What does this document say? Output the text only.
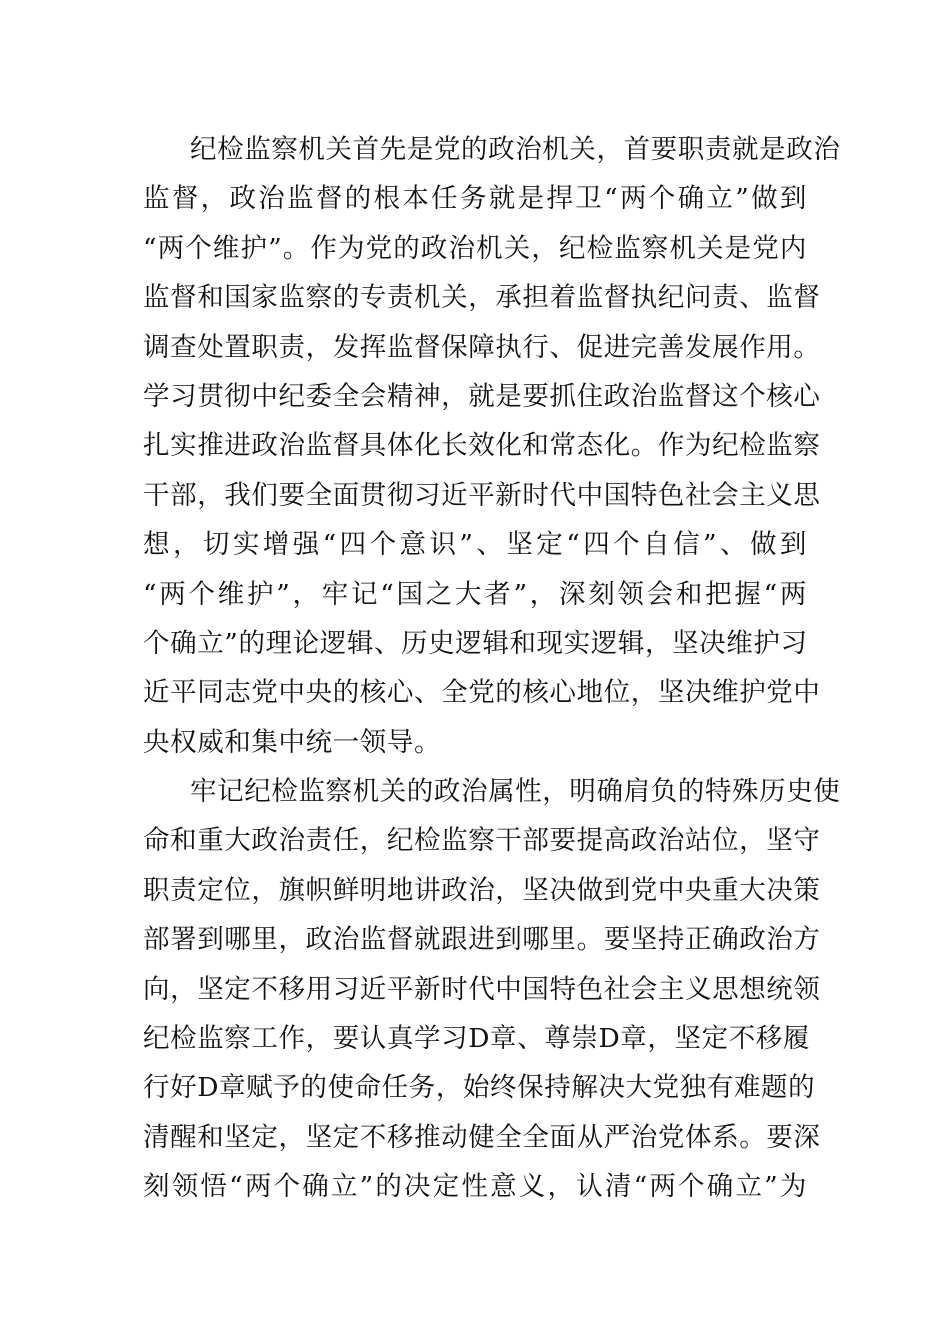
纪检监察机关首先是党的政治机关，首要职责就是政治
监督，政治监督的根本任务就是捍卫“两个确立”做到
“两个维护”。作为党的政治机关，纪检监察机关是党内
监督和国家监察的专责机关，承担着监督执纪问责、监督
调查处置职责，发挥监督保障执行、促进完善发展作用。
学习贯彻中纪委全会精神，就是要抓住政治监督这个核心
扎实推进政治监督具体化长效化和常态化。作为纪检监察
干部，我们要全面贯彻习近平新时代中国特色社会主义思
想，切实增强“四个意识”、坚定“四个自信”、做到
“两个维护”，牢记“国之大者”，深刻领会和把握“两
个确立”的理论逻辑、历史逻辑和现实逻辑，坚决维护习
近平同志党中央的核心、全党的核心地位，坚决维护党中
央权威和集中统一领导。
牢记纪检监察机关的政治属性，明确肩负的特殊历史使
命和重大政治责任，纪检监察干部要提高政治站位，坚守
职责定位，旗帜鲜明地讲政治，坚决做到党中央重大决策
部署到哪里，政治监督就跟进到哪里。要坚持正确政治方
向，坚定不移用习近平新时代中国特色社会主义思想统领
纪检监察工作，要认真学习D章、尊崇D章，坚定不移履
行好D章赋予的使命任务，始终保持解决大党独有难题的
清醒和坚定，坚定不移推动健全全面从严治党体系。要深
刻领悟“两个确立”的决定性意义，认清“两个确立”为
